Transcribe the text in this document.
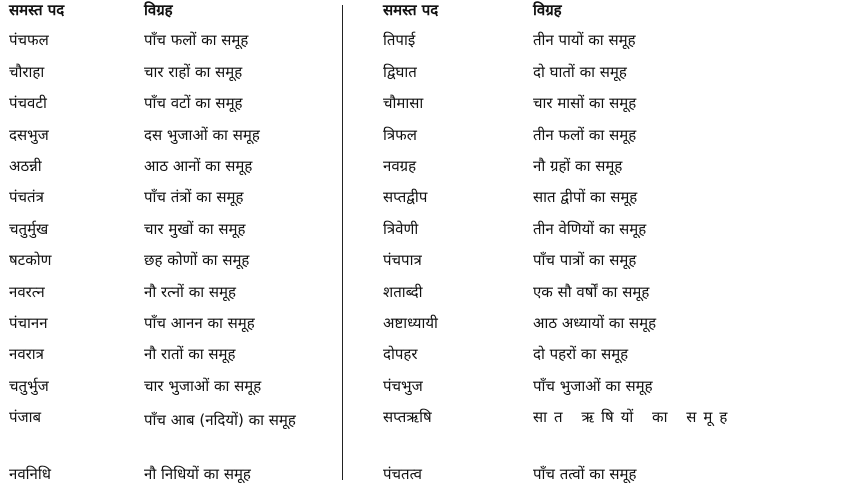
समस्त पद	विग्रह	समस्त पद	विग्रह
पंचफल	पाँच फलों का समूह	तिपाई	तीन पायों का समूह
चौराहा	चार राहों का समूह	द्विघात	दो घातों का समूह
पंचवटी	पाँच वटों का समूह	चौमासा	चार मासों का समूह
दसभुज	दस भुजाओं का समूह	त्रिफल	तीन फलों का समूह
अठन्नी	आठ आनों का समूह	नवग्रह	नौ ग्रहों का समूह
पंचतंत्र	पाँच तंत्रों का समूह	सप्तद्वीप	सात द्वीपों का समूह
चतुर्मुख	चार मुखों का समूह	त्रिवेणी	तीन वेणियों का समूह
षटकोण	छह कोणों का समूह	पंचपात्र	पाँच पात्रों का समूह
नवरत्न	नौ रत्नों का समूह	शताब्दी	एक सौ वर्षों का समूह
पंचानन	पाँच आनन का समूह	अष्टाध्यायी	आठ अध्यायों का समूह
नवरात्र	नौ रातों का समूह	दोपहर	दो पहरों का समूह
चतुर्भुज	चार भुजाओं का समूह	पंचभुज	पाँच भुजाओं का समूह
पंजाब	पाँच आब (नदियों) का समूह	सप्तऋषि	सात ऋषियों का समूह
नवनिधि	नौ निधियों का समूह	पंचतत्व	पाँच तत्वों का समूह
